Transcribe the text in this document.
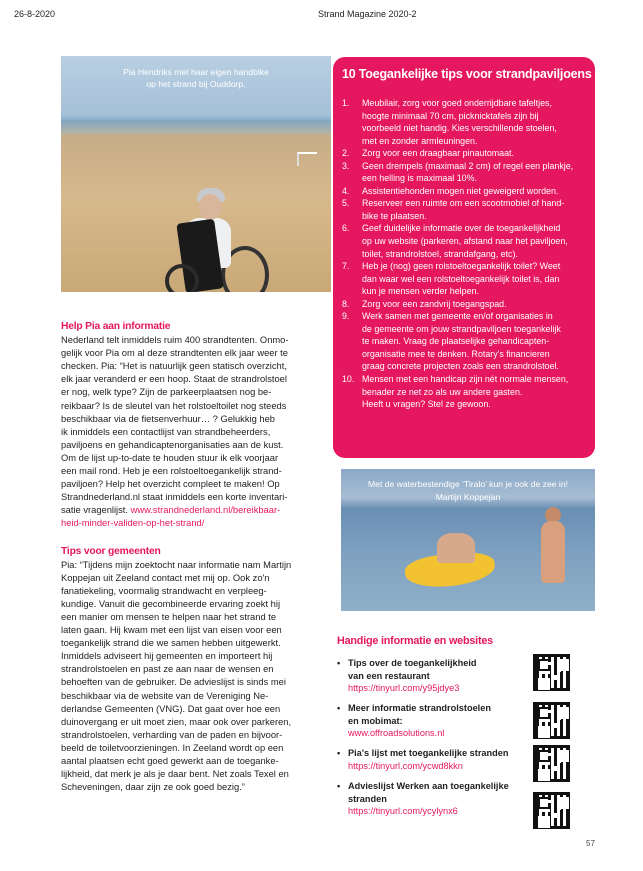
26-8-2020	Strand Magazine 2020-2
Pia Hendriks met haar eigen handbike
op het strand bij Ouddorp.
10 Toegankelijke tips voor strandpaviljoens
1.	Meubilair, zorg voor goed onderrijdbare tafeltjes,
hoogte minimaal 70 cm, picknicktafels zijn bij
voorbeeld niet handig. Kies verschillende stoelen,
met en zonder armleuningen.
2.	Zorg voor een draagbaar pinautomaat.
3.	Geen drempels (maximaal 2 cm) of regel een plankje,
een helling is maximaal 10%.
4.	Assistentiehonden mogen niet geweigerd worden.
5.	Reserveer een ruimte om een scootmobiel of hand-
bike te plaatsen.
6.	Geef duidelijke informatie over de toegankelijkheid
op uw website (parkeren, afstand naar het paviljoen,
toilet, strandrolstoel, strandafgang, etc).
7.	Heb je (nog) geen rolstoeltoegankelijk toilet? Weet
dan waar wel een rolstoeltoegankelijk toilet is, dan
kun je mensen verder helpen.
8.	Zorg voor een zandvrij toegangspad.
9.	Werk samen met gemeente en/of organisaties in
de gemeente om jouw strandpaviljoen toegankelijk
te maken. Vraag de plaatselijke gehandicapten-
organisatie mee te denken. Rotary's financieren
graag concrete projecten zoals een strandrolstoel.
10. Mensen met een handicap zijn nét normale mensen,
benader ze net zo als uw andere gasten.
Heeft u vragen? Stel ze gewoon.
Help Pia aan informatie

Nederland telt inmiddels ruim 400 strandtenten. Onmo-
gelijk voor Pia om al deze strandtenten elk jaar weer te
checken. Pia: “Het is natuurlijk geen statisch overzicht,
elk jaar veranderd er een hoop. Staat de strandrolstoel
er nog, welk type? Zijn de parkeerplaatsen nog be-
reikbaar? Is de sleutel van het rolstoeltoilet nog steeds
beschikbaar via de fietsenverhuur… ? Gelukkig heb
ik inmiddels een contactlijst van strandbeheerders,
paviljoens en gehandicaptenorganisaties aan de kust.
Om de lijst up-to-date te houden stuur ik elk voorjaar
een mail rond. Heb je een rolstoeltoegankelijk strand-
paviljoen? Help het overzicht compleet te maken! Op
Strandnederland.nl staat inmiddels een korte inventari-
satie vragenlijst. www.strandnederland.nl/bereikbaar-
heid-minder-validen-op-het-strand/

Tips voor gemeenten

Pia: “Tijdens mijn zoektocht naar informatie nam Martijn
Koppejan uit Zeeland contact met mij op. Ook zo'n
fanatiekeling, voormalig strandwacht en verpleeg-
kundige. Vanuit die gecombineerde ervaring zoekt hij
een manier om mensen te helpen naar het strand te
laten gaan. Hij kwam met een lijst van eisen voor een
toegankelijk strand die we samen hebben uitgewerkt.
Inmiddels adviseert hij gemeenten en importeert hij
strandrolstoelen en past ze aan naar de wensen en
behoeften van de gebruiker. De advieslijst is sinds mei
beschikbaar via de website van de Vereniging Ne-
derlandse Gemeenten (VNG). Dat gaat over hoe een
duinovergang er uit moet zien, maar ook over parkeren,
strandrolstoelen, verharding van de paden en bijvoor-
beeld de toiletvoorzieningen. In Zeeland wordt op een
aantal plaatsen echt goed gewerkt aan de toeganke-
lijkheid, dat merk je als je daar bent. Net zoals Texel en
Scheveningen, daar zijn ze ook goed bezig.”

Met de waterbestendige ‘Tiralo’ kun je ook de zee in!
Martijn Koppejan
Handige informatie en websites
• Tips over de toegankelijkheid
van een restaurant
https://tinyurl.com/y95jdye3
• Meer informatie strandrolstoelen
en mobimat:
www.offroadsolutions.nl
• Pia's lijst met toegankelijke stranden
https://tinyurl.com/ycwd8kkn
• Advieslijst Werken aan toegankelijke
stranden
https://tinyurl.com/ycylynx6
57
